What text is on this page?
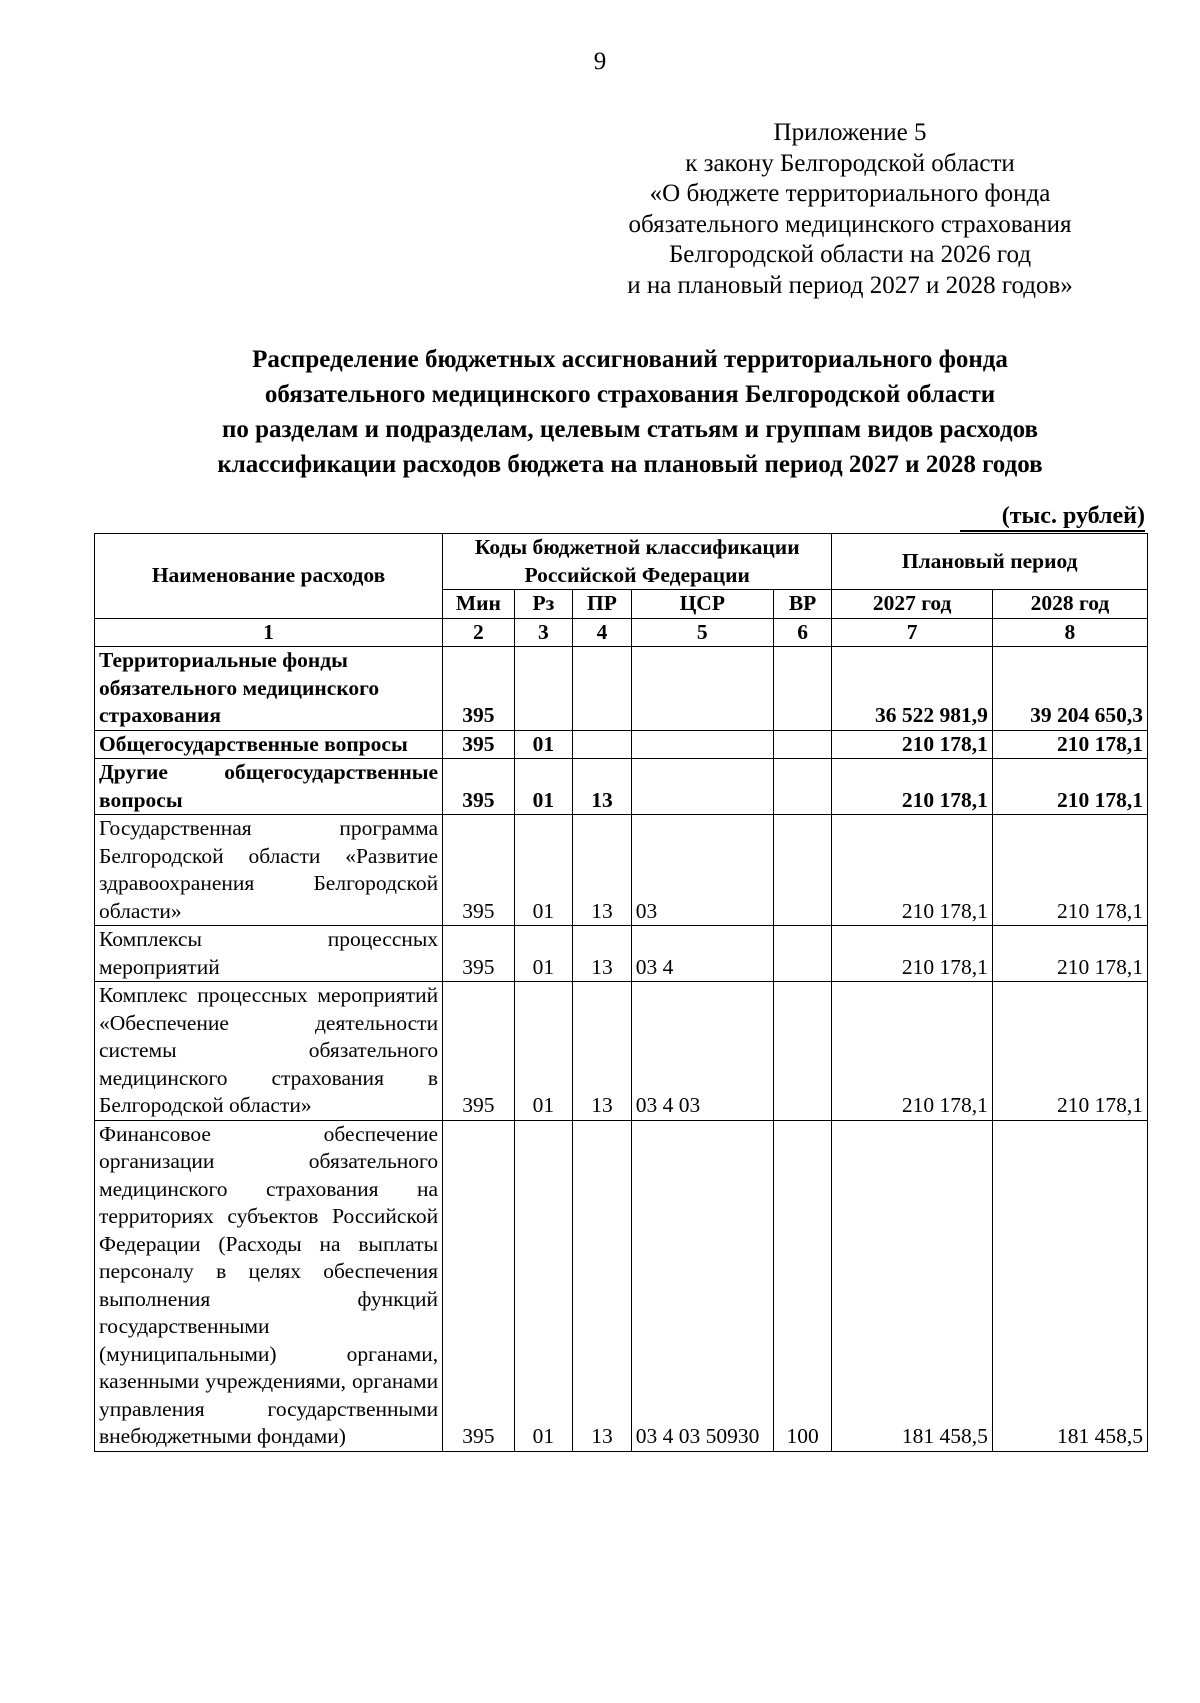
9
Приложение 5
к закону Белгородской области
«О бюджете территориального фонда
обязательного медицинского страхования
Белгородской области на 2026 год
и на плановый период 2027 и 2028 годов»
Распределение бюджетных ассигнований территориального фонда
обязательного медицинского страхования Белгородской области
по разделам и подразделам, целевым статьям и группам видов расходов
классификации расходов бюджета на плановый период 2027 и 2028 годов
(тыс. рублей)
Наименование расходов	Коды бюджетной классификации Российской Федерации					Плановый период	
	Мин	Рз	ПР	ЦСР	ВР	2027 год	2028 год
1	2	3	4	5	6	7	8
Территориальные фонды обязательного медицинского страхования	395					36 522 981,9	39 204 650,3
Общегосударственные вопросы	395	01				210 178,1	210 178,1
Другие общегосударственные вопросы	395	01	13			210 178,1	210 178,1
Государственная программа Белгородской области «Развитие здравоохранения Белгородской области»	395	01	13	03		210 178,1	210 178,1
Комплексы процессных мероприятий	395	01	13	03 4		210 178,1	210 178,1
Комплекс процессных мероприятий «Обеспечение деятельности системы обязательного медицинского страхования в Белгородской области»	395	01	13	03 4 03		210 178,1	210 178,1
Финансовое обеспечение организации обязательного медицинского страхования на территориях субъектов Российской Федерации (Расходы на выплаты персоналу в целях обеспечения выполнения функций государственными (муниципальными) органами, казенными учреждениями, органами управления государственными внебюджетными фондами)	395	01	13	03 4 03 50930	100	181 458,5	181 458,5
